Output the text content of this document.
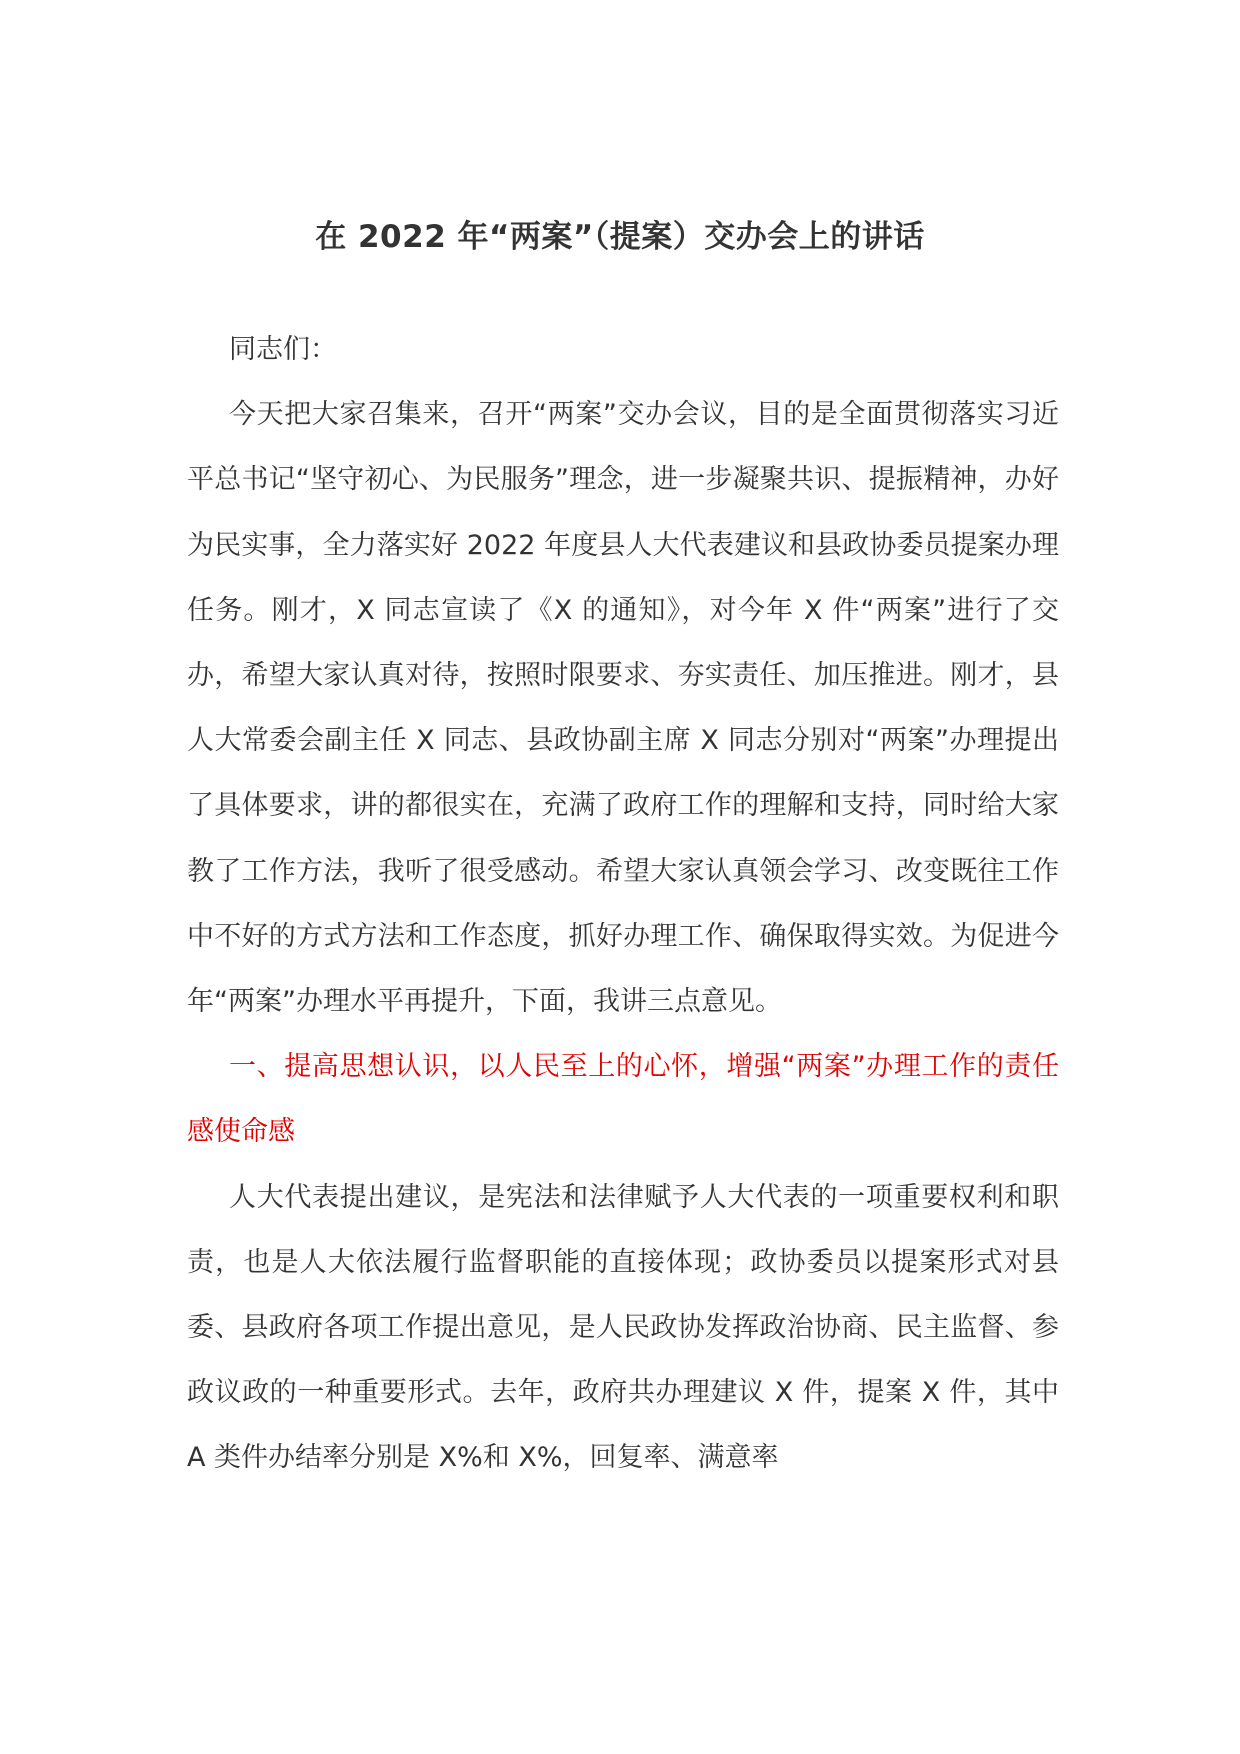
在 2022 年“两案”（提案）交办会上的讲话

同志们：

今天把大家召集来，召开“两案”交办会议，目的是全面贯彻落实习近平总书记“坚守初心、为民服务”理念，进一步凝聚共识、提振精神，办好为民实事，全力落实好 2022 年度县人大代表建议和县政协委员提案办理任务。刚才，X 同志宣读了《X 的通知》，对今年 X 件“两案”进行了交办，希望大家认真对待，按照时限要求、夯实责任、加压推进。刚才，县人大常委会副主任 X 同志、县政协副主席 X 同志分别对“两案”办理提出了具体要求，讲的都很实在，充满了政府工作的理解和支持，同时给大家教了工作方法，我听了很受感动。希望大家认真领会学习、改变既往工作中不好的方式方法和工作态度，抓好办理工作、确保取得实效。为促进今年“两案”办理水平再提升，下面，我讲三点意见。

一、提高思想认识，以人民至上的心怀，增强“两案”办理工作的责任感使命感

人大代表提出建议，是宪法和法律赋予人大代表的一项重要权利和职责，也是人大依法履行监督职能的直接体现；政协委员以提案形式对县委、县政府各项工作提出意见，是人民政协发挥政治协商、民主监督、参政议政的一种重要形式。去年，政府共办理建议 X 件，提案 X 件，其中 A 类件办结率分别是 X%和 X%，回复率、满意率
